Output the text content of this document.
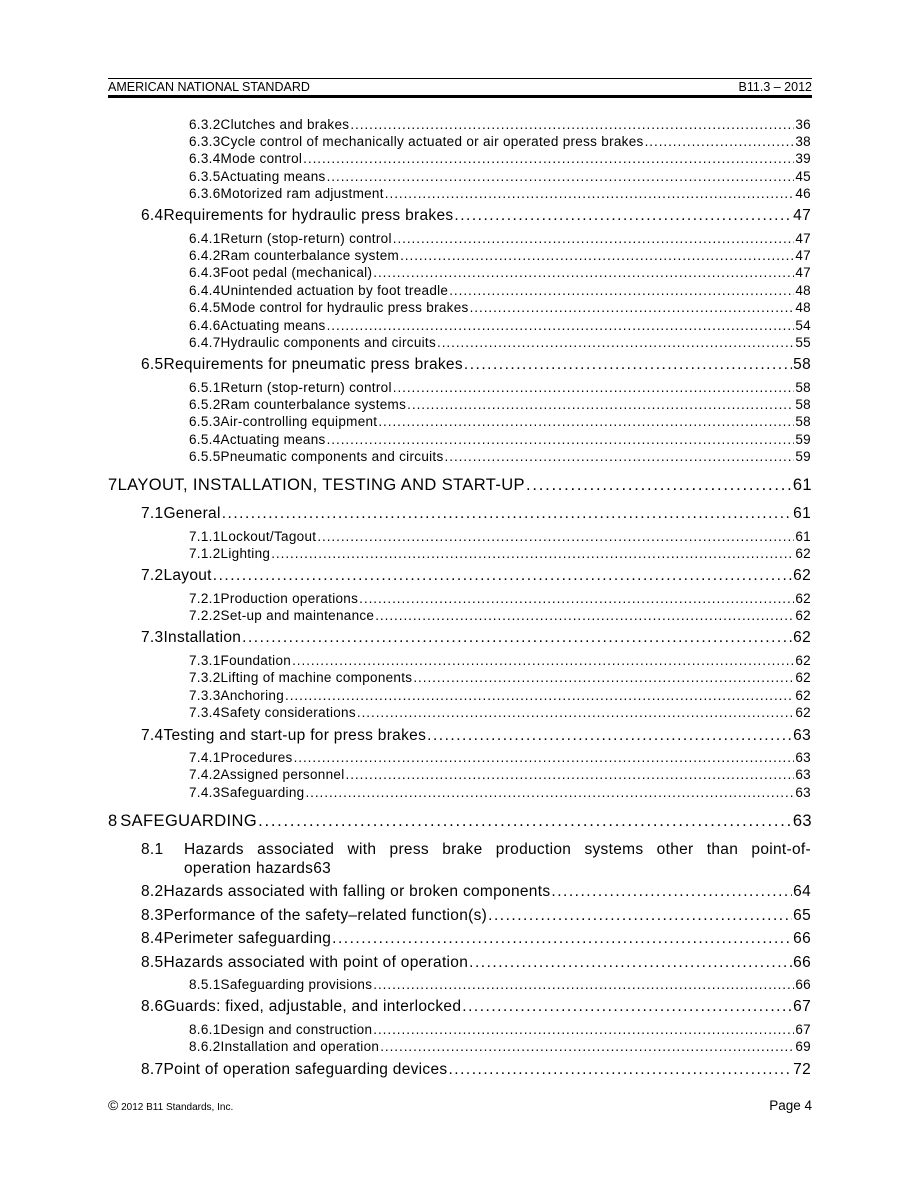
AMERICAN NATIONAL STANDARD	B11.3 – 2012
6.3.2 Clutches and brakes . . .	36
6.3.3 Cycle control of mechanically actuated or air operated press brakes . . .	38
6.3.4 Mode control . . .	39
6.3.5 Actuating means . . .	45
6.3.6 Motorized ram adjustment . . .	46
6.4 Requirements for hydraulic press brakes . . .	47
6.4.1 Return (stop-return) control . . .	47
6.4.2 Ram counterbalance system . . .	47
6.4.3 Foot pedal (mechanical) . . .	47
6.4.4 Unintended actuation by foot treadle . . .	48
6.4.5 Mode control for hydraulic press brakes . . .	48
6.4.6 Actuating means . . .	54
6.4.7 Hydraulic components and circuits . . .	55
6.5 Requirements for pneumatic press brakes . . .	58
6.5.1 Return (stop-return) control . . .	58
6.5.2 Ram counterbalance systems . . .	58
6.5.3 Air-controlling equipment . . .	58
6.5.4 Actuating means . . .	59
6.5.5 Pneumatic components and circuits . . .	59
7 LAYOUT, INSTALLATION, TESTING AND START-UP . . .	61
7.1 General . . .	61
7.1.1 Lockout/Tagout . . .	61
7.1.2 Lighting . . .	62
7.2 Layout . . .	62
7.2.1 Production operations . . .	62
7.2.2 Set-up and maintenance . . .	62
7.3 Installation . . .	62
7.3.1 Foundation . . .	62
7.3.2 Lifting of machine components . . .	62
7.3.3 Anchoring . . .	62
7.3.4 Safety considerations . . .	62
7.4 Testing and start-up for press brakes . . .	63
7.4.1 Procedures . . .	63
7.4.2 Assigned personnel . . .	63
7.4.3 Safeguarding . . .	63
8 SAFEGUARDING . . .	63
8.1 Hazards associated with press brake production systems other than point-of-
operation hazards 63
8.2 Hazards associated with falling or broken components . . .	64
8.3 Performance of the safety–related function(s) . . .	65
8.4 Perimeter safeguarding . . .	66
8.5 Hazards associated with point of operation . . .	66
8.5.1 Safeguarding provisions . . .	66
8.6 Guards: fixed, adjustable, and interlocked . . .	67
8.6.1 Design and construction . . .	67
8.6.2 Installation and operation . . .	69
8.7 Point of operation safeguarding devices . . .	72
© 2012 B11 Standards, Inc.	Page 4
